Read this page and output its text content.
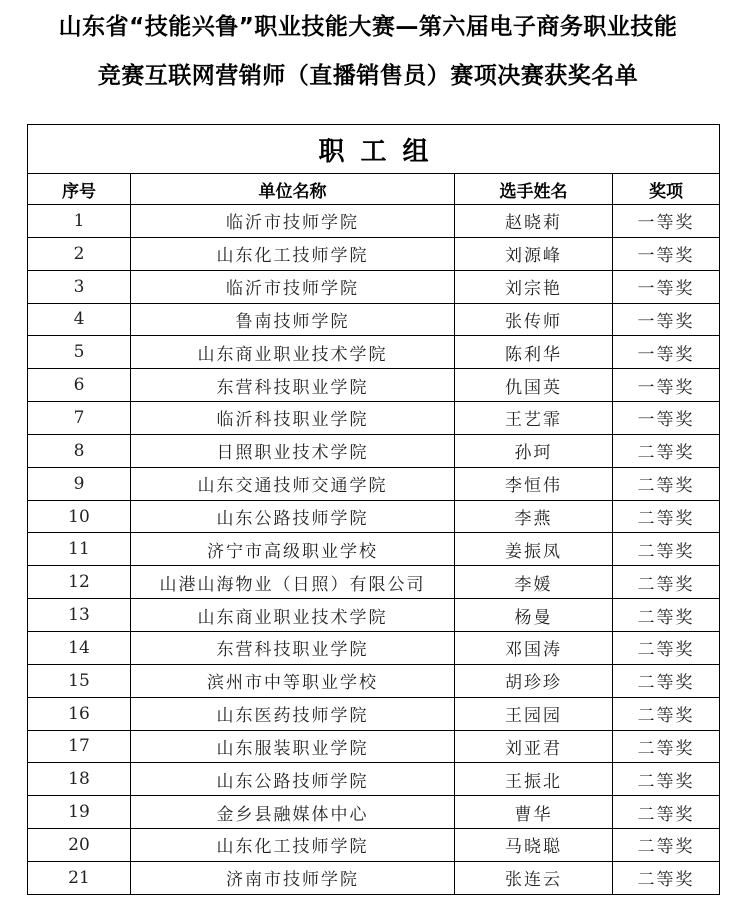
山东省“技能兴鲁”职业技能大赛—第六届电子商务职业技能
竞赛互联网营销师（直播销售员）赛项决赛获奖名单
职工组			
序号	单位名称	选手姓名	奖项
1	临沂市技师学院	赵晓莉	一等奖
2	山东化工技师学院	刘源峰	一等奖
3	临沂市技师学院	刘宗艳	一等奖
4	鲁南技师学院	张传师	一等奖
5	山东商业职业技术学院	陈利华	一等奖
6	东营科技职业学院	仇国英	一等奖
7	临沂科技职业学院	王艺霏	一等奖
8	日照职业技术学院	孙珂	二等奖
9	山东交通技师交通学院	李恒伟	二等奖
10	山东公路技师学院	李燕	二等奖
11	济宁市高级职业学校	姜振凤	二等奖
12	山港山海物业（日照）有限公司	李媛	二等奖
13	山东商业职业技术学院	杨曼	二等奖
14	东营科技职业学院	邓国涛	二等奖
15	滨州市中等职业学校	胡珍珍	二等奖
16	山东医药技师学院	王园园	二等奖
17	山东服装职业学院	刘亚君	二等奖
18	山东公路技师学院	王振北	二等奖
19	金乡县融媒体中心	曹华	二等奖
20	山东化工技师学院	马晓聪	二等奖
21	济南市技师学院	张连云	二等奖
